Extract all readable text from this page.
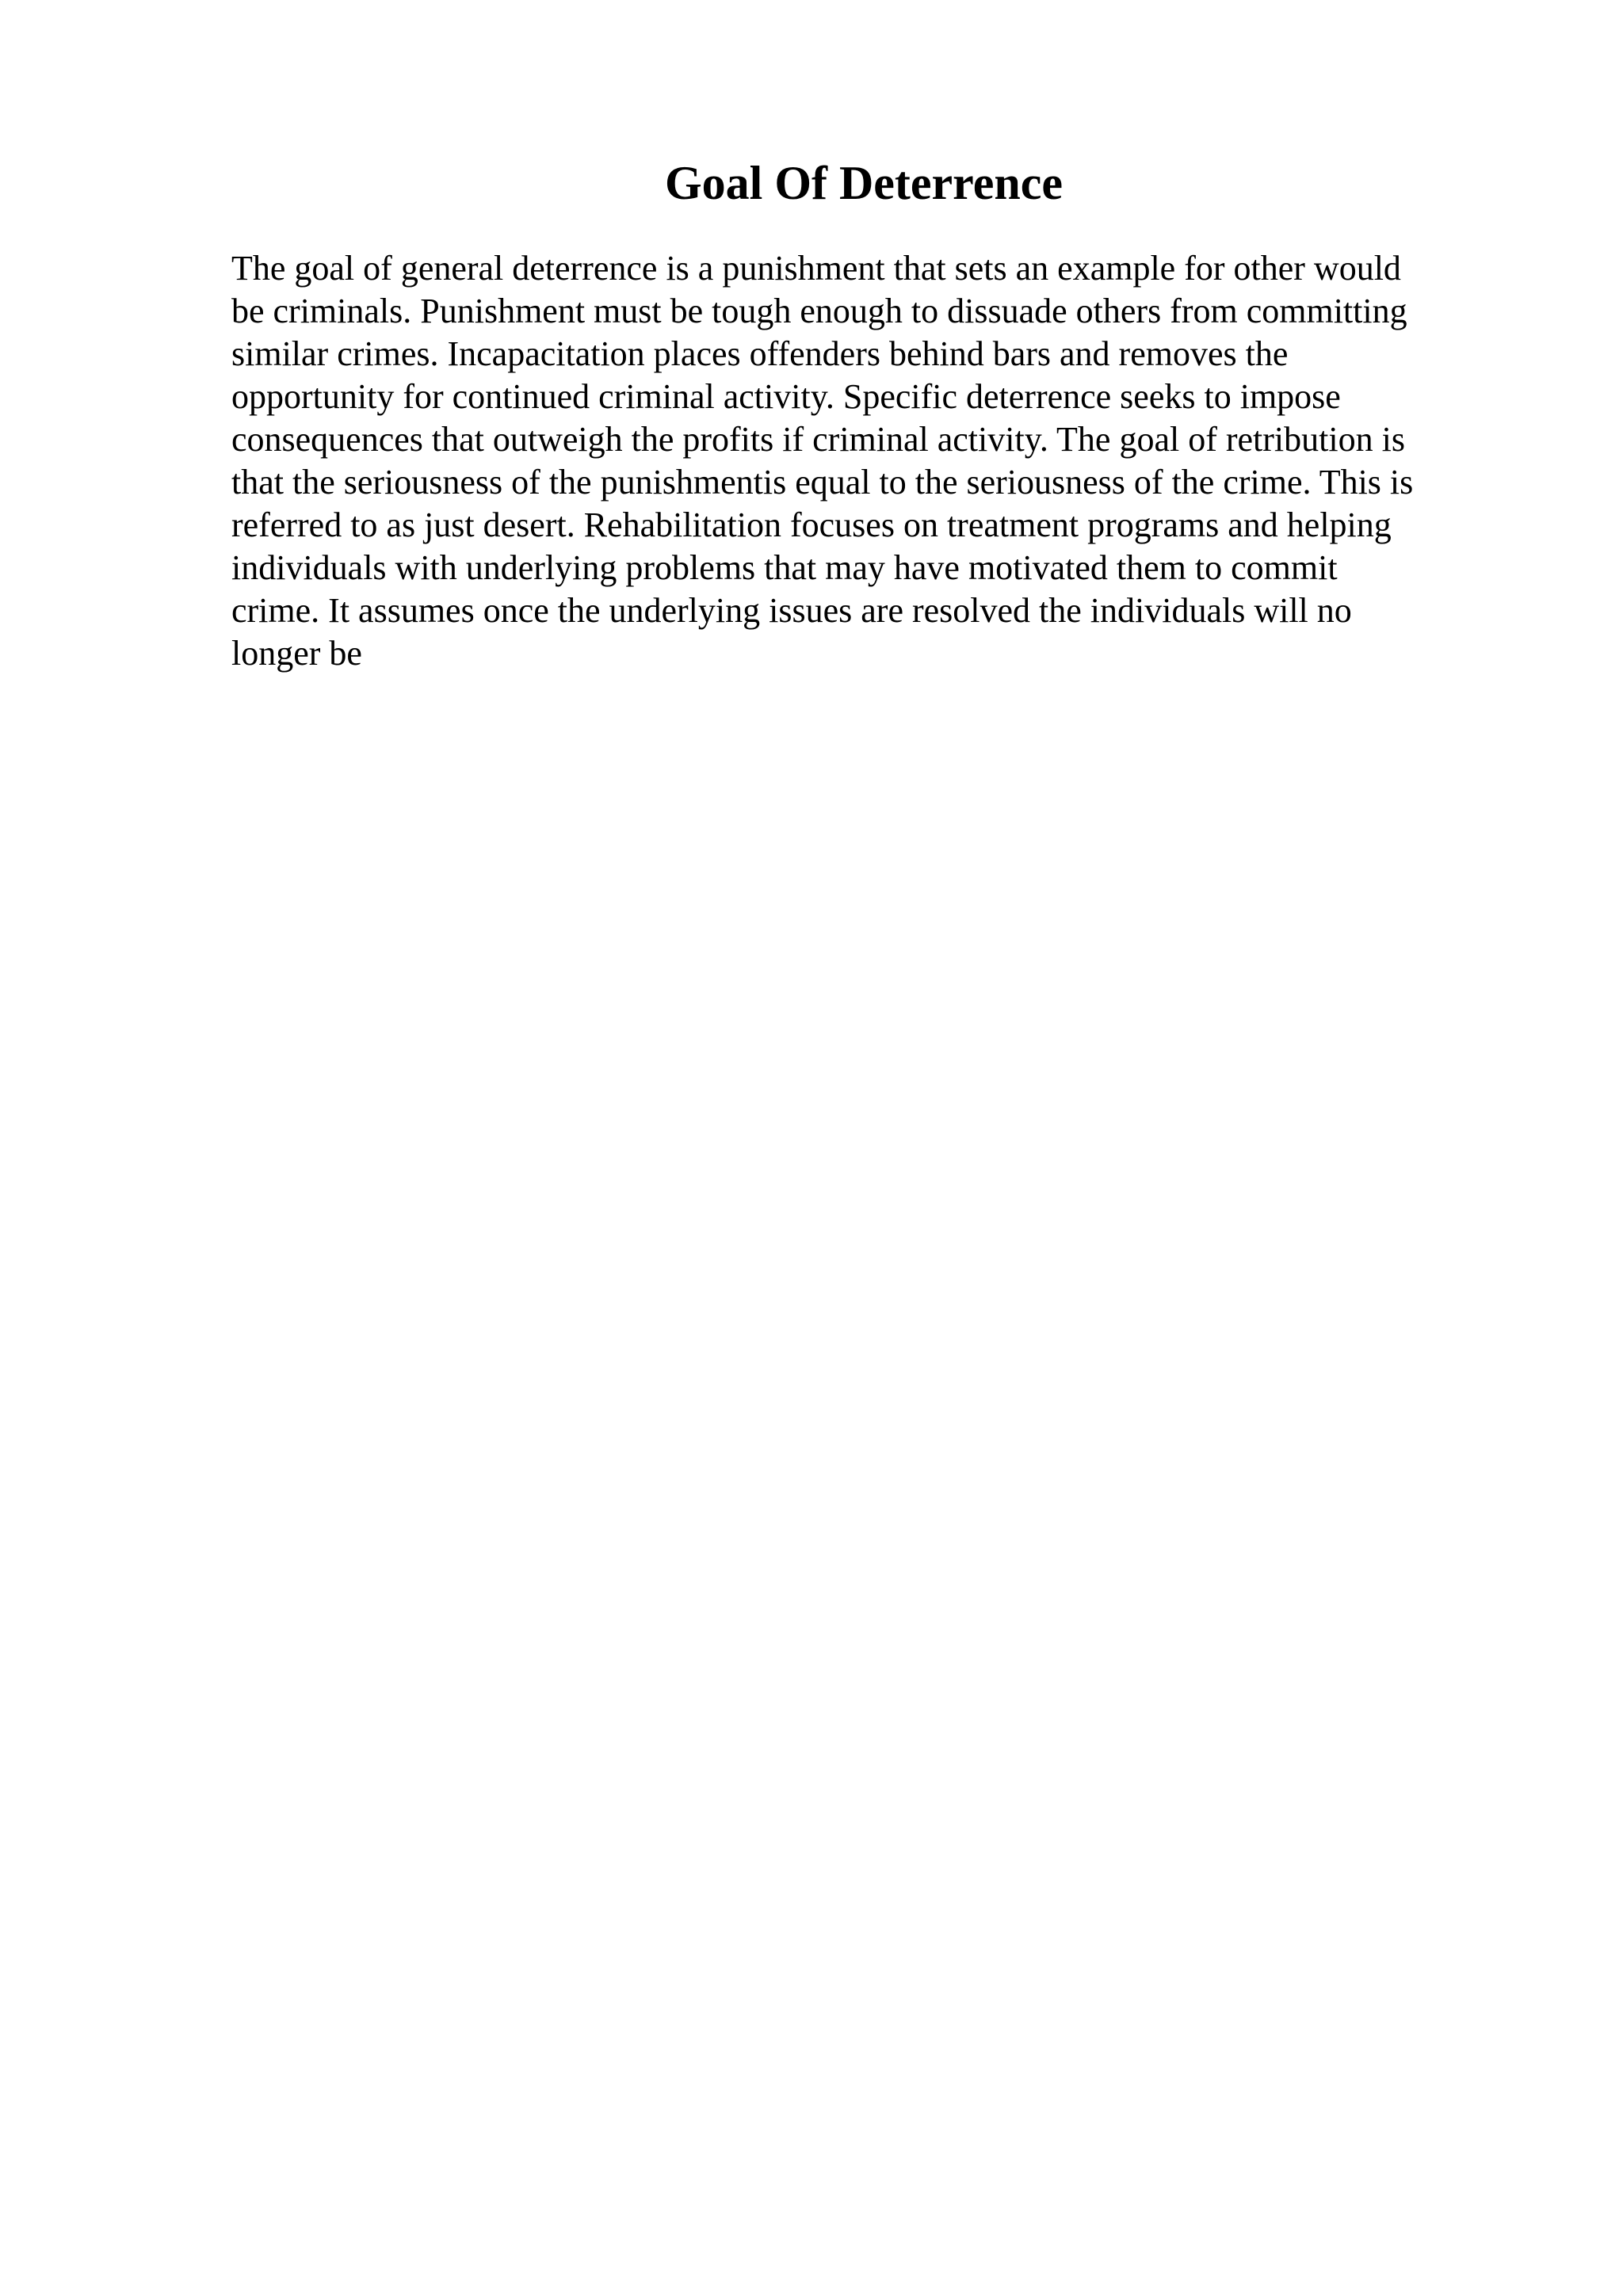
Goal Of Deterrence
The goal of general deterrence is a punishment that sets an example for other would
be criminals. Punishment must be tough enough to dissuade others from committing
similar crimes. Incapacitation places offenders behind bars and removes the
opportunity for continued criminal activity. Specific deterrence seeks to impose
consequences that outweigh the profits if criminal activity. The goal of retribution is
that the seriousness of the punishmentis equal to the seriousness of the crime. This is
referred to as just desert. Rehabilitation focuses on treatment programs and helping
individuals with underlying problems that may have motivated them to commit
crime. It assumes once the underlying issues are resolved the individuals will no
longer be
